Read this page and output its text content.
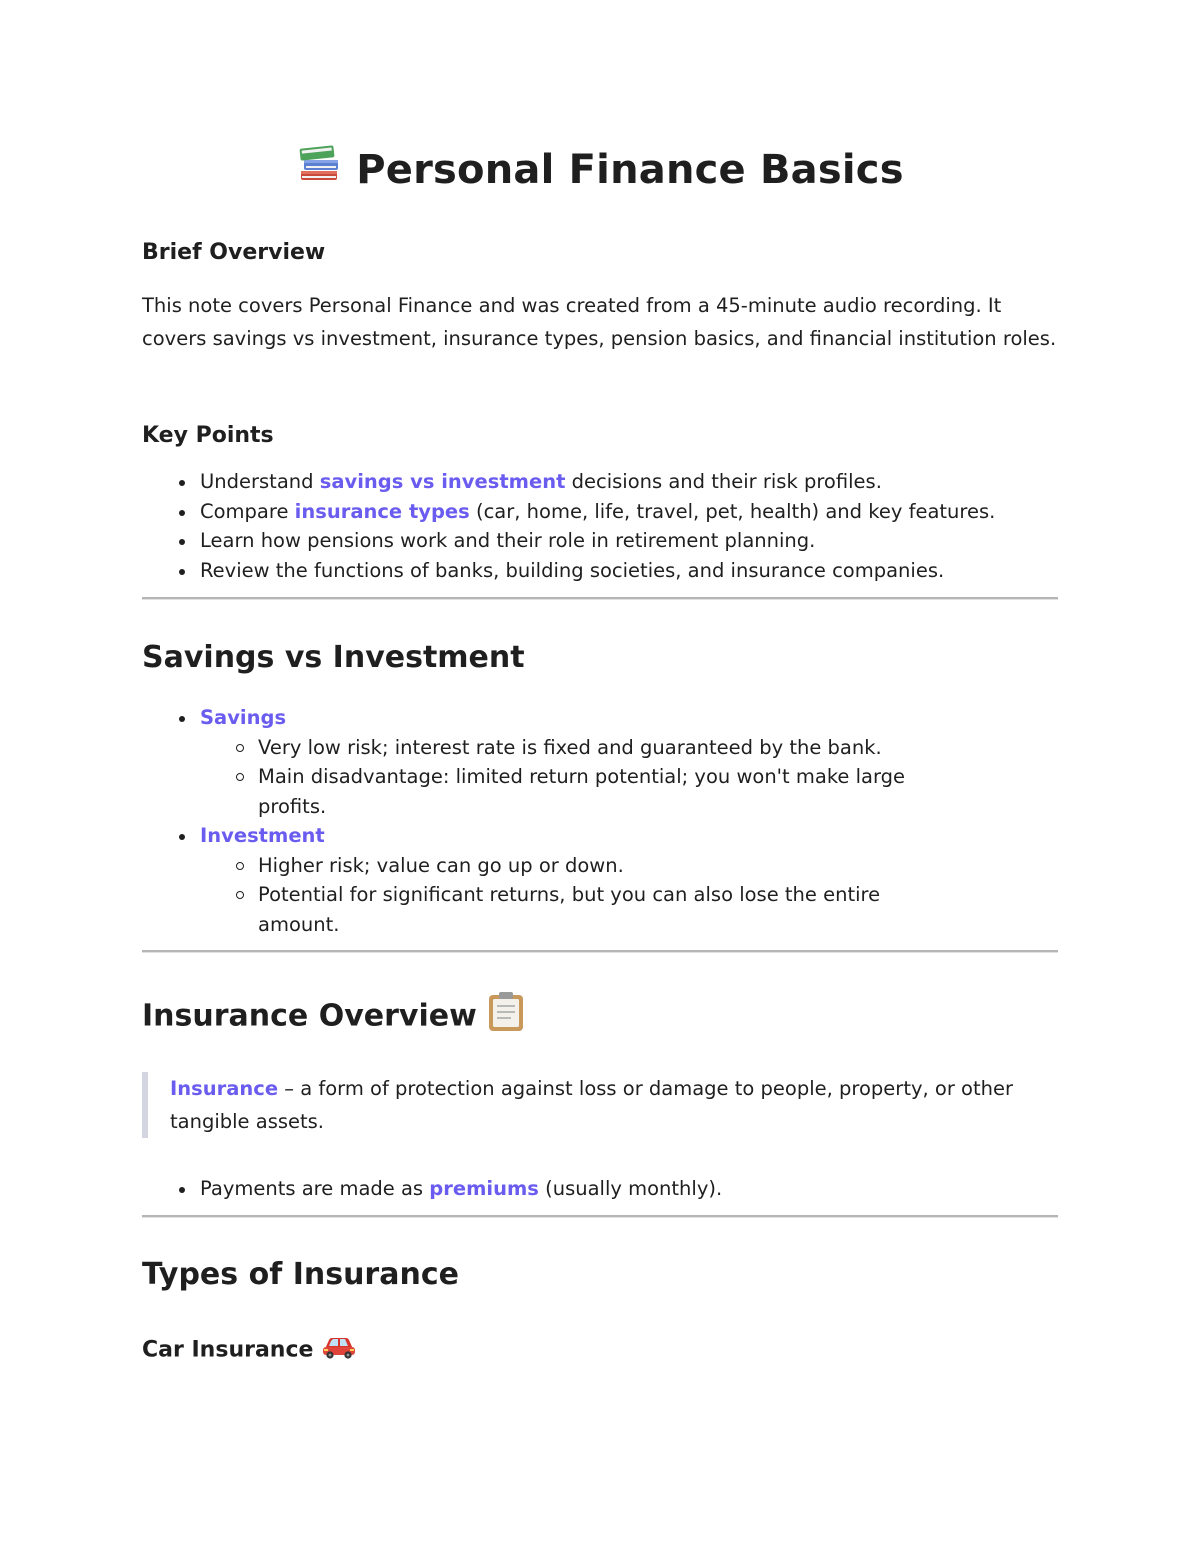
Personal Finance Basics
Brief Overview

This note covers Personal Finance and was created from a 45-minute audio recording. It covers savings vs investment, insurance types, pension basics, and financial institution roles.

Key Points
Understand savings vs investment decisions and their risk profiles.
Compare insurance types (car, home, life, travel, pet, health) and key features.
Learn how pensions work and their role in retirement planning.
Review the functions of banks, building societies, and insurance companies.
Savings vs Investment
Savings
Very low risk; interest rate is fixed and guaranteed by the bank.
Main disadvantage: limited return potential; you won't make large profits.
Investment
Higher risk; value can go up or down.
Potential for significant returns, but you can also lose the entire amount.
Insurance Overview
Insurance – a form of protection against loss or damage to people, property, or other tangible assets.
Payments are made as premiums (usually monthly).
Types of Insurance
Car Insurance
